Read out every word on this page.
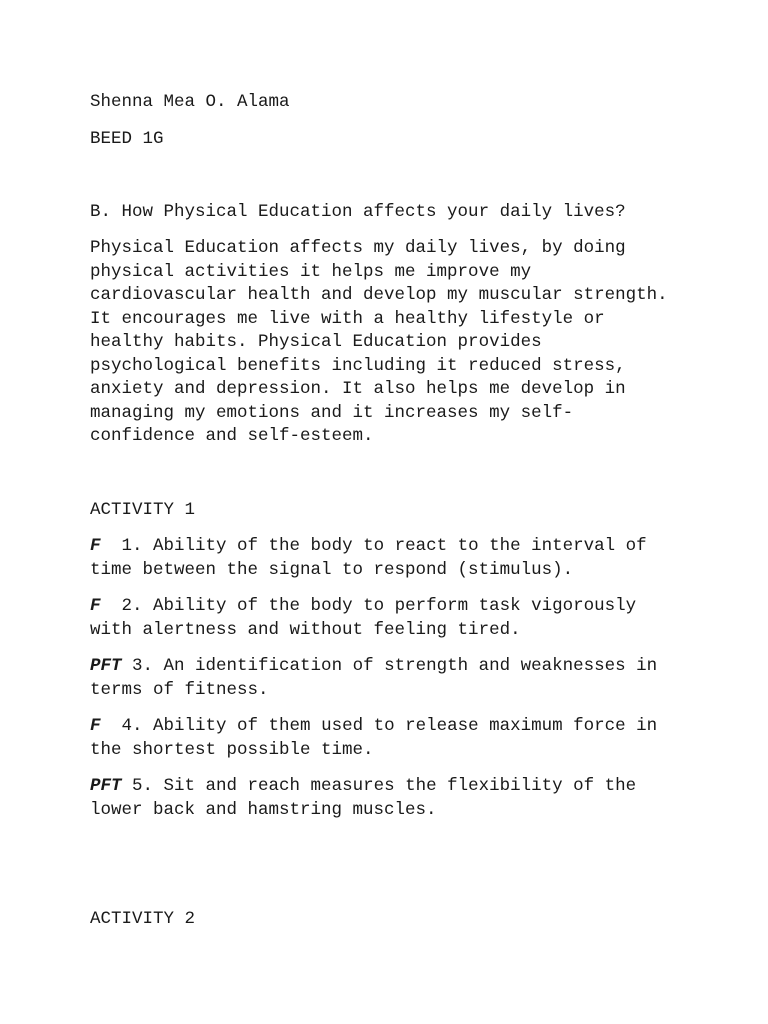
Shenna Mea O. Alama
BEED 1G
B. How Physical Education affects your daily lives?
Physical Education affects my daily lives, by doing
physical activities it helps me improve my
cardiovascular health and develop my muscular strength.
It encourages me live with a healthy lifestyle or
healthy habits. Physical Education provides
psychological benefits including it reduced stress,
anxiety and depression. It also helps me develop in
managing my emotions and it increases my self-
confidence and self-esteem.
ACTIVITY 1
F 1. Ability of the body to react to the interval of
time between the signal to respond (stimulus).
F 2. Ability of the body to perform task vigorously
with alertness and without feeling tired.
PFT 3. An identification of strength and weaknesses in
terms of fitness.
F 4. Ability of them used to release maximum force in
the shortest possible time.
PFT 5. Sit and reach measures the flexibility of the
lower back and hamstring muscles.
ACTIVITY 2
